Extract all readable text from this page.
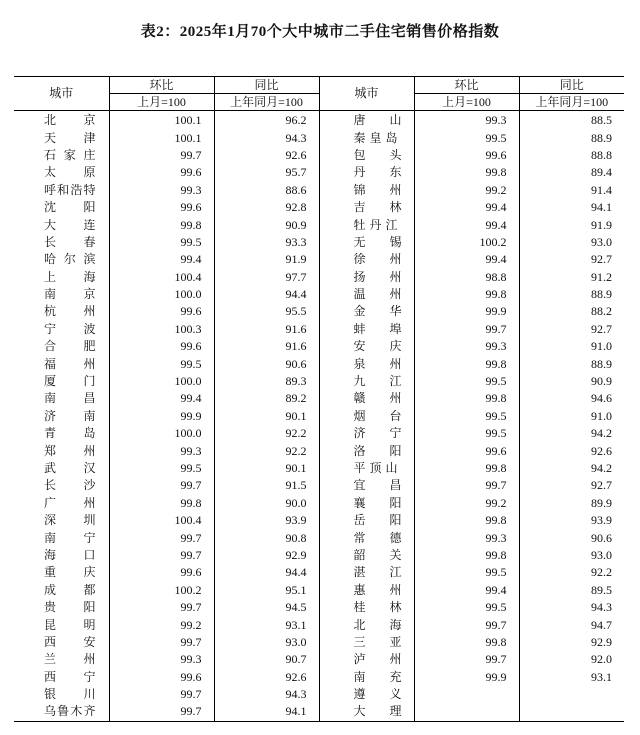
表2：2025年1月70个大中城市二手住宅销售价格指数
城市	环比	同比	城市	环比	同比
	上月=100	上年同月=100		上月=100	上年同月=100
北　　京	100.1	96.2	唐　　山	99.3	88.5
天　　津	100.1	94.3	秦皇岛	99.5	88.9
石家庄	99.7	92.6	包　　头	99.6	88.8
太　　原	99.6	95.7	丹　　东	99.8	89.4
呼和浩特	99.3	88.6	锦　　州	99.2	91.4
沈　　阳	99.6	92.8	吉　　林	99.4	94.1
大　　连	99.8	90.9	牡丹江	99.4	91.9
长　　春	99.5	93.3	无　　锡	100.2	93.0
哈尔滨	99.4	91.9	徐　　州	99.4	92.7
上　　海	100.4	97.7	扬　　州	98.8	91.2
南　　京	100.0	94.4	温　　州	99.8	88.9
杭　　州	99.6	95.5	金　　华	99.9	88.2
宁　　波	100.3	91.6	蚌　　埠	99.7	92.7
合　　肥	99.6	91.6	安　　庆	99.3	91.0
福　　州	99.5	90.6	泉　　州	99.8	88.9
厦　　门	100.0	89.3	九　　江	99.5	90.9
南　　昌	99.4	89.2	赣　　州	99.8	94.6
济　　南	99.9	90.1	烟　　台	99.5	91.0
青　　岛	100.0	92.2	济　　宁	99.5	94.2
郑　　州	99.3	92.2	洛　　阳	99.6	92.6
武　　汉	99.5	90.1	平顶山	99.8	94.2
长　　沙	99.7	91.5	宜　　昌	99.7	92.7
广　　州	99.8	90.0	襄　　阳	99.2	89.9
深　　圳	100.4	93.9	岳　　阳	99.8	93.9
南　　宁	99.7	90.8	常　　德	99.3	90.6
海　　口	99.7	92.9	韶　　关	99.8	93.0
重　　庆	99.6	94.4	湛　　江	99.5	92.2
成　　都	100.2	95.1	惠　　州	99.4	89.5
贵　　阳	99.7	94.5	桂　　林	99.5	94.3
昆　　明	99.2	93.1	北　　海	99.7	94.7
西　　安	99.7	93.0	三　　亚	99.8	92.9
兰　　州	99.3	90.7	泸　　州	99.7	92.0
西　　宁	99.6	92.6	南　　充	99.9	93.1
银　　川	99.7	94.3	遵　　义		
乌鲁木齐	99.7	94.1	大　　理		
